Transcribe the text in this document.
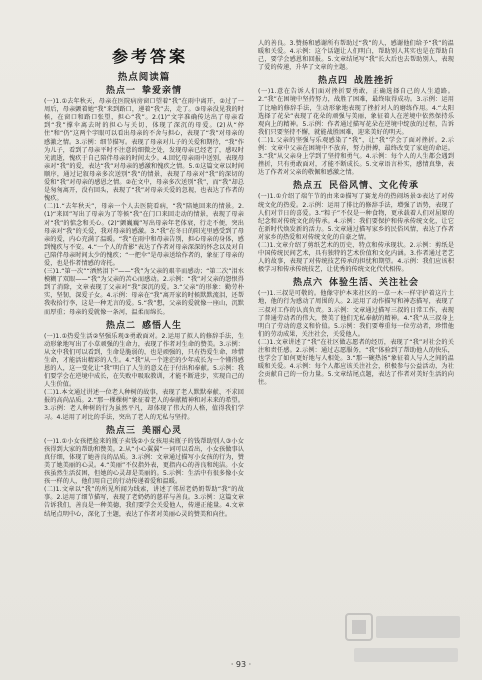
参考答案
热点阅读篇
热点一 挚爱亲情

(一)1.①去年秋天，母亲在医院病房窗口望着“我”在雨中离开，②过了一周后，母亲颤着她“我”来到路口，递着“我”去，走了。③母亲没见我的时候，在窗口和路口张望，担心“我”。2.(1)“文字准确传达出了母亲看到“我”撑伞离去时的担心与关切，体现了深沉的母爱。(2)从“停住”和“仍”这两个字眼可以看出母亲的不舍与担心，表现了“我”对母亲的感激之情。3.示例：细节描写。表现了母亲对儿子的关爱和期待，“我”作为儿子，看到了母亲平时不注意的细微之处，发现母亲已经老了，感叹时光流逝，愧疚于自己陪伴母亲的时间太少。4.回忆母亲雨中送别，表现母亲对“我”的爱，表达“我”对母亲的感激和愧疚之情。5.①这篇文章以时间顺序，通过记叙母亲多次送别“我”的情景，表现了母亲对“我”的深切的爱和“我”对母亲的感恩之情。②在文中，母亲多次送别“我”，而“我”却总是匆匆离开，没有回头，表现了“我”对母亲关爱的忽视，也表达了作者的愧疚。

(二)1.“去年秋天”，母亲一个人去医院看病，“我”陪她回来的情景。2.(1)“来回”写出了母亲为了等候“我”在门口来回走动的情景，表现了母亲对“我”的惦念和关心。(2)“颤巍巍”写出母亲年老体衰，行走不便，突出母亲对“我”的关爱，我对母亲的感激。3.“我”在冬日的阳光里感受到了母亲的爱，内心充满了温暖。“我”在雨中和母亲告别，担心母亲的身体，感到愧疚与不安。4.“一个人的背影”表达了作者对母亲深深的怀念以及对自己陪伴母亲时间太少的愧疚；“一把伞”是母亲送给作者的，象征了母亲的爱，也是作者情感的寄托。

(三)1.“第一次”“洒然泪下”——“我”为父亲的艰辛而感动；“第二次”泪水模糊了双眼——“我”为父亲的苦心而感动。2.示例：“我”对父亲的怨恨得到了消除，文章表现了父亲对“我”深沉的爱。3.“父亲”的形象：勤劳朴实，坚韧，深爱子女。4.示例：母亲在“我”离开家的时候默默流泪，还帮我收拾行李，这是一种无言的爱。5.“我”想，父亲的爱就像一座山，沉默而厚重；母亲的爱就像一条河，温柔而绵长。

热点二 感悟人生

(一)1.①热爱生活②坚强乐观③勇敢面对。2.运用了拟人的修辞手法，生动形象地写出了小草顽强的生命力，表现了作者对生命的赞美。3.示例：从文中我们可以看到，生命是脆弱的，也是顽强的，只有热爱生命、珍惜生命，才能活出精彩的人生。4.“我”从一个迷茫的少年成长为一个懂得感恩的人，这一变化让“我”明白了人生的意义在于付出和奉献。5.示例：我们要学会在逆境中成长，在失败中吸取教训，才能不断进步，实现自己的人生价值。

(二)1.本文通过讲述一位老人种树的故事，表现了老人默默奉献、不求回报的高尚品质。2.“那一棵棵树”象征着老人的奉献精神和对未来的希望。3.示例：老人种树的行为虽然平凡，却体现了伟大的人格，值得我们学习。4.运用了对比的手法，突出了老人的无私与坚持。

热点三 美丽心灵

(一)1.①小女孩把捡来的瓶子卖钱②小女孩用卖瓶子的钱帮助别人③小女孩得到大家的帮助和赞美。2.从“小心翼翼”一词可以看出，小女孩做事认真仔细，体现了她善良的品质。3.示例：文章通过描写小女孩的行为，赞美了她美丽的心灵。4.“美丽”不仅指外表，更指内心的善良和纯洁。小女孩虽然生活贫困，但她的心灵却是美丽的。5.示例：生活中有很多像小女孩一样的人，他们用自己的行动传递着爱和温暖。

(二)1.文章以“我”的所见所闻为线索，讲述了邻居老奶奶帮助“我”的故事。2.运用了细节描写，表现了老奶奶的慈祥与善良。3.示例：这篇文章告诉我们，善良是一种美德，我们要学会关爱他人，传递正能量。4.文章结尾点明中心，深化了主题，表达了作者对美丽心灵的赞美和向往。

人的善良。3.赞扬和感谢所有帮助过“我”的人，感谢他们给予“我”的温暖和关爱。4.示例：这个话题让人们明白，帮助别人其实也是在帮助自己，要学会感恩和回报。5.文章结尾写“我”长大后也去帮助别人，表现了爱的传递，升华了文章的主题。

热点四 战胜挫折

(一)1.意在告诉人们面对挫折要勇敢，正确选择自己的人生道路。2.“我”在困境中坚持努力，战胜了困难，最终取得成功。3.示例：运用了比喻的修辞手法，生动形象地表现了挫折对人的磨练作用。4.“太阳选择了花朵”表现了花朵的顽强与美丽，象征着人在逆境中依然保持乐观向上的精神。5.示例：作者通过描写花朵在逆境中绽放的过程，告诉我们只要坚持不懈，就能战胜困难，迎来美好的明天。

(二)1.父亲的坚强与乐观感染了“我”，让“我”学会了面对挫折。2.示例：文章中父亲在困境中不放弃，努力拼搏，最终改变了家庭的命运。3.“我”从父亲身上学到了坚持和勇气。4.示例：每个人的人生都会遇到挫折，只有勇敢面对，才能不断成长。5.文章语言朴实，感情真挚，表达了作者对父亲的敬佩和感激之情。

热点五 民俗风情、文化传承

(一)1.①介绍了端午节的由来②描写了赛龙舟的热闹场景③表达了对传统文化的热爱。2.示例：运用了排比的修辞手法，增强了语势，表现了人们对节日的喜爱。3.“粽子”不仅是一种食物，更承载着人们对屈原的纪念和对传统文化的传承。4.示例：我们要保护和传承传统文化，让它在新时代焕发新的活力。5.文章通过描写家乡的民俗风情，表达了作者对家乡的热爱和对传统文化的自豪之情。

(二)1.文章介绍了剪纸艺术的历史、特点和传承现状。2.示例：剪纸是中国传统民间艺术，具有独特的艺术价值和文化内涵。3.作者通过老艺人的故事，表现了对传统技艺传承的担忧和期望。4.示例：我们应该积极学习和传承传统技艺，让优秀的传统文化代代相传。

热点六 体验生活、关注社会

(一)1.三叔是可敬的。他像守护本来社区的一草一木一样守护着这片土地，他的行为感动了周围的人。2.运用了动作描写和神态描写，表现了三叔对工作的认真负责。3.示例：文章通过描写三叔的日常工作，表现了普通劳动者的伟大，赞美了他们无私奉献的精神。4.“我”从三叔身上明白了劳动的意义和价值。5.示例：我们要尊重每一位劳动者，珍惜他们的劳动成果，关注社会，关爱他人。

(二)1.文章讲述了“我”在社区做志愿者的经历，表现了“我”对社会的关注和责任感。2.示例：通过志愿服务，“我”体验到了帮助他人的快乐，也学会了如何更好地与人相处。3.“那一碗热汤”象征着人与人之间的温暖和关爱。4.示例：每个人都应该关注社会，积极参与公益活动，为社会贡献自己的一份力量。5.文章结尾点题，表达了作者对美好生活的向往。

· 93 ·
